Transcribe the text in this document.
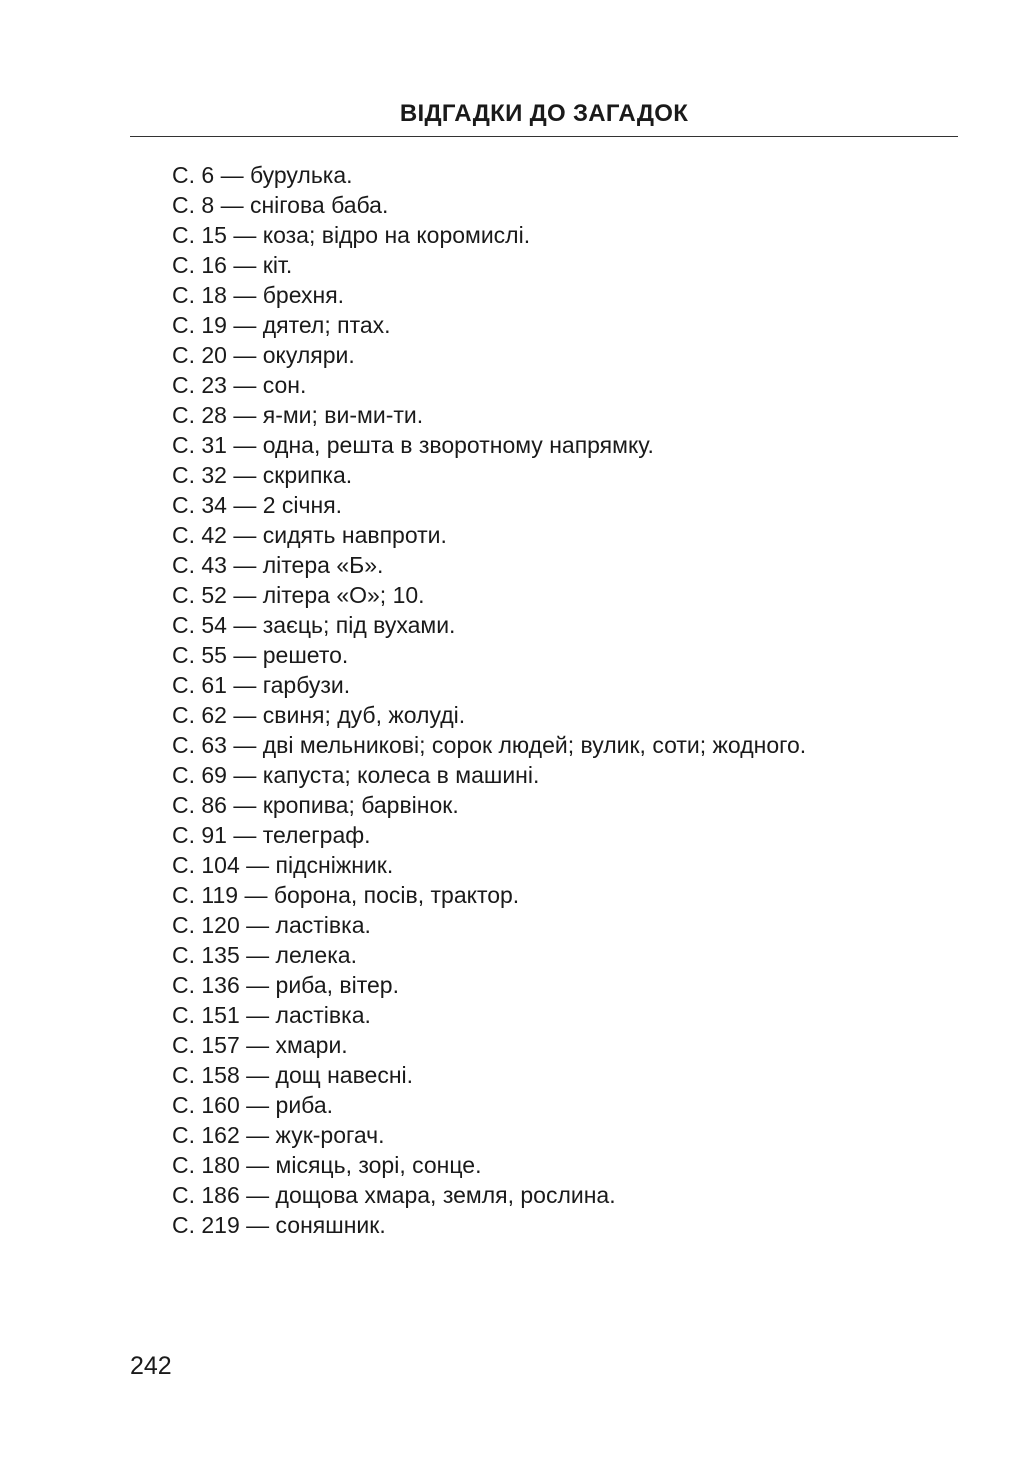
ВІДГАДКИ ДО ЗАГАДОК
С. 6 — бурулька.
С. 8 — снігова баба.
С. 15 — коза; відро на коромислі.
С. 16 — кіт.
С. 18 — брехня.
С. 19 — дятел; птах.
С. 20 — окуляри.
С. 23 — сон.
С. 28 — я-ми; ви-ми-ти.
С. 31 — одна, решта в зворотному напрямку.
С. 32 — скрипка.
С. 34 — 2 січня.
С. 42 — сидять навпроти.
С. 43 — літера «Б».
С. 52 — літера «О»; 10.
С. 54 — заєць; під вухами.
С. 55 — решето.
С. 61 — гарбузи.
С. 62 — свиня; дуб, жолуді.
С. 63 — дві мельникові; сорок людей; вулик, соти; жодного.
С. 69 — капуста; колеса в машині.
С. 86 — кропива; барвінок.
С. 91 — телеграф.
С. 104 — підсніжник.
С. 119 — борона, посів, трактор.
С. 120 — ластівка.
С. 135 — лелека.
С. 136 — риба, вітер.
С. 151 — ластівка.
С. 157 — хмари.
С. 158 — дощ навесні.
С. 160 — риба.
С. 162 — жук-рогач.
С. 180 — місяць, зорі, сонце.
С. 186 — дощова хмара, земля, рослина.
С. 219 — соняшник.
242
